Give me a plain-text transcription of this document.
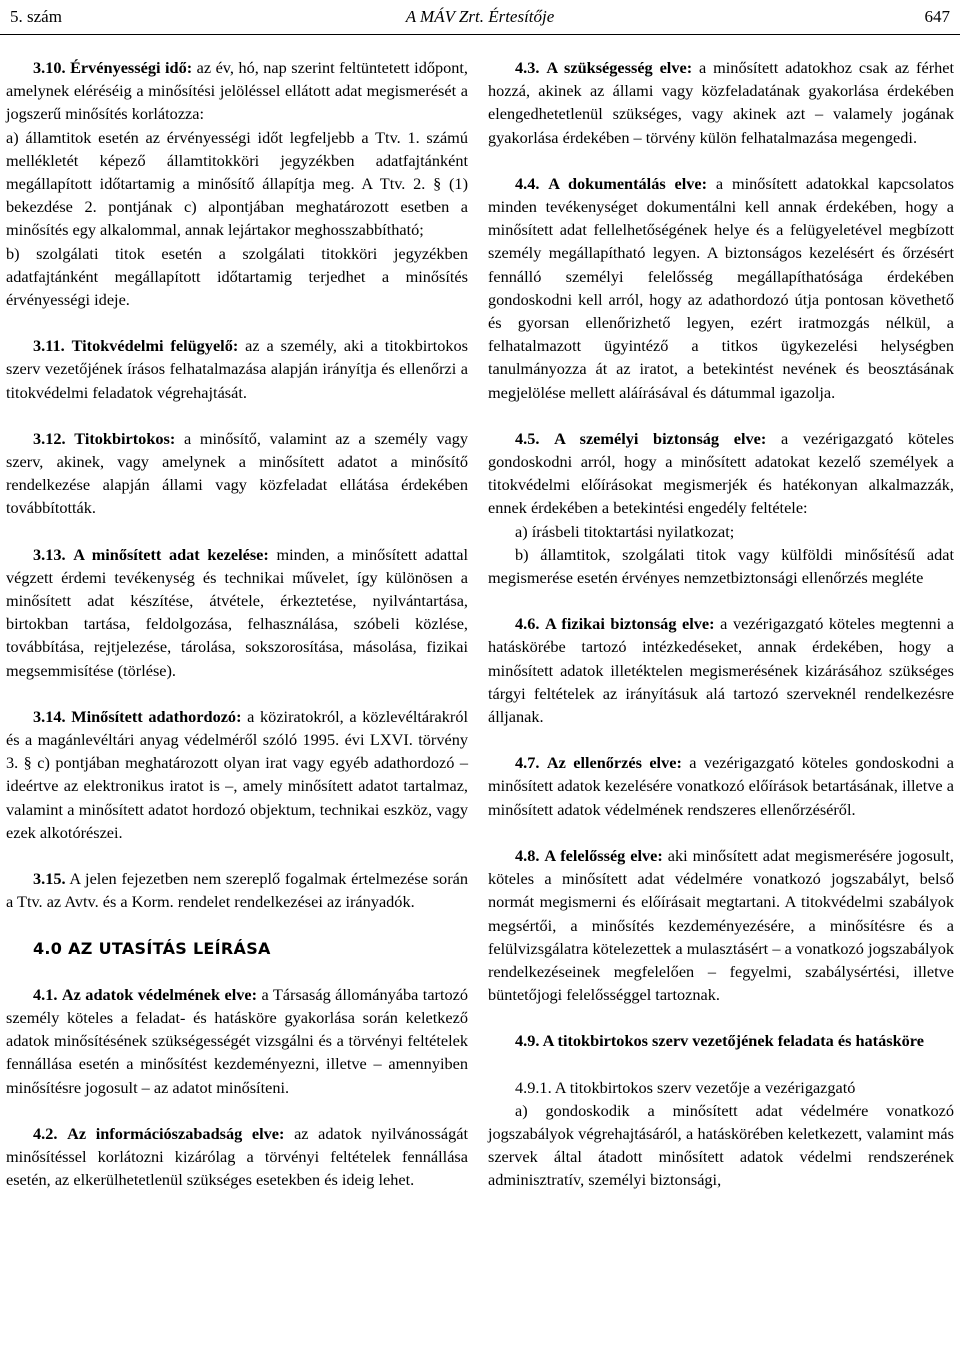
5. szám	A MÁV Zrt. Értesítője	647

3.10. Érvényességi idő: az év, hó, nap szerint feltüntetett időpont, amelynek eléréséig a minősítési jelöléssel ellátott adat megismerését a jogszerű minősítés korlátozza:

a) államtitok esetén az érvényességi időt legfeljebb a Ttv. 1. számú mellékletét képező államtitokköri jegyzékben adatfajtánként megállapított időtartamig a minősítő állapítja meg. A Ttv. 2. § (1) bekezdése 2. pontjának c) alpontjában meghatározott esetben a minősítés egy alkalommal, annak lejártakor meghosszabbítható;

b) szolgálati titok esetén a szolgálati titokköri jegyzékben adatfajtánként megállapított időtartamig terjedhet a minősítés érvényességi ideje.

3.11. Titokvédelmi felügyelő: az a személy, aki a titokbirtokos szerv vezetőjének írásos felhatalmazása alapján irányítja és ellenőrzi a titokvédelmi feladatok végrehajtását.

3.12. Titokbirtokos: a minősítő, valamint az a személy vagy szerv, akinek, vagy amelynek a minősített adatot a minősítő rendelkezése alapján állami vagy közfeladat ellátása érdekében továbbították.

3.13. A minősített adat kezelése: minden, a minősített adattal végzett érdemi tevékenység és technikai művelet, így különösen a minősített adat készítése, átvétele, érkeztetése, nyilvántartása, birtokban tartása, feldolgozása, felhasználása, szóbeli közlése, továbbítása, rejtjelezése, tárolása, sokszorosítása, másolása, fizikai megsemmisítése (törlése).

3.14. Minősített adathordozó: a köziratokról, a közlevéltárakról és a magánlevéltári anyag védelméről szóló 1995. évi LXVI. törvény 3. § c) pontjában meghatározott olyan irat vagy egyéb adathordozó – ideértve az elektronikus iratot is –, amely minősített adatot tartalmaz, valamint a minősített adatot hordozó objektum, technikai eszköz, vagy ezek alkotórészei.

3.15. A jelen fejezetben nem szereplő fogalmak értelmezése során a Ttv. az Avtv. és a Korm. rendelet rendelkezései az irányadók.

4.0 AZ UTASÍTÁS LEÍRÁSA

4.1. Az adatok védelmének elve: a Társaság állományába tartozó személy köteles a feladat- és hatásköre gyakorlása során keletkező adatok minősítésének szükségességét vizsgálni és a törvényi feltételek fennállása esetén a minősítést kezdeményezni, illetve – amennyiben minősítésre jogosult – az adatot minősíteni.

4.2. Az információszabadság elve: az adatok nyilvánosságát minősítéssel korlátozni kizárólag a törvényi feltételek fennállása esetén, az elkerülhetetlenül szükséges esetekben és ideig lehet.

4.3. A szükségesség elve: a minősített adatokhoz csak az férhet hozzá, akinek az állami vagy közfeladatának gyakorlása érdekében elengedhetetlenül szükséges, vagy akinek azt – valamely jogának gyakorlása érdekében – törvény külön felhatalmazása megengedi.

4.4. A dokumentálás elve: a minősített adatokkal kapcsolatos minden tevékenységet dokumentálni kell annak érdekében, hogy a minősített adat fellelhetőségének helye és a felügyeletével megbízott személy megállapítható legyen. A biztonságos kezelésért és őrzésért fennálló személyi felelősség megállapíthatósága érdekében gondoskodni kell arról, hogy az adathordozó útja pontosan követhető és gyorsan ellenőrizhető legyen, ezért iratmozgás nélkül, a felhatalmazott ügyintéző a titkos ügykezelési helységben tanulmányozza át az iratot, a betekintést nevének és beosztásának megjelölése mellett aláírásával és dátummal igazolja.

4.5. A személyi biztonság elve: a vezérigazgató köteles gondoskodni arról, hogy a minősített adatokat kezelő személyek a titokvédelmi előírásokat megismerjék és hatékonyan alkalmazzák, ennek érdekében a betekintési engedély feltétele:

a) írásbeli titoktartási nyilatkozat;

b) államtitok, szolgálati titok vagy külföldi minősítésű adat megismerése esetén érvényes nemzetbiztonsági ellenőrzés megléte

4.6. A fizikai biztonság elve: a vezérigazgató köteles megtenni a hatáskörébe tartozó intézkedéseket, annak érdekében, hogy a minősített adatok illetéktelen megismerésének kizárásához szükséges tárgyi feltételek az irányításuk alá tartozó szerveknél rendelkezésre álljanak.

4.7. Az ellenőrzés elve: a vezérigazgató köteles gondoskodni a minősített adatok kezelésére vonatkozó előírások betartásának, illetve a minősített adatok védelmének rendszeres ellenőrzéséről.

4.8. A felelősség elve: aki minősített adat megismerésére jogosult, köteles a minősített adat védelmére vonatkozó jogszabályt, belső normát megismerni és előírásait megtartani. A titokvédelmi szabályok megsértői, a minősítés kezdeményezésére, a minősítésre és a felülvizsgálatra kötelezettek a mulasztásért – a vonatkozó jogszabályok rendelkezéseinek megfelelően – fegyelmi, szabálysértési, illetve büntetőjogi felelősséggel tartoznak.

4.9. A titokbirtokos szerv vezetőjének feladata és hatásköre

4.9.1. A titokbirtokos szerv vezetője a vezérigazgató

a) gondoskodik a minősített adat védelmére vonatkozó jogszabályok végrehajtásáról, a hatáskörében keletkezett, valamint más szervek által átadott minősített adatok védelmi rendszerének adminisztratív, személyi biztonsági,
